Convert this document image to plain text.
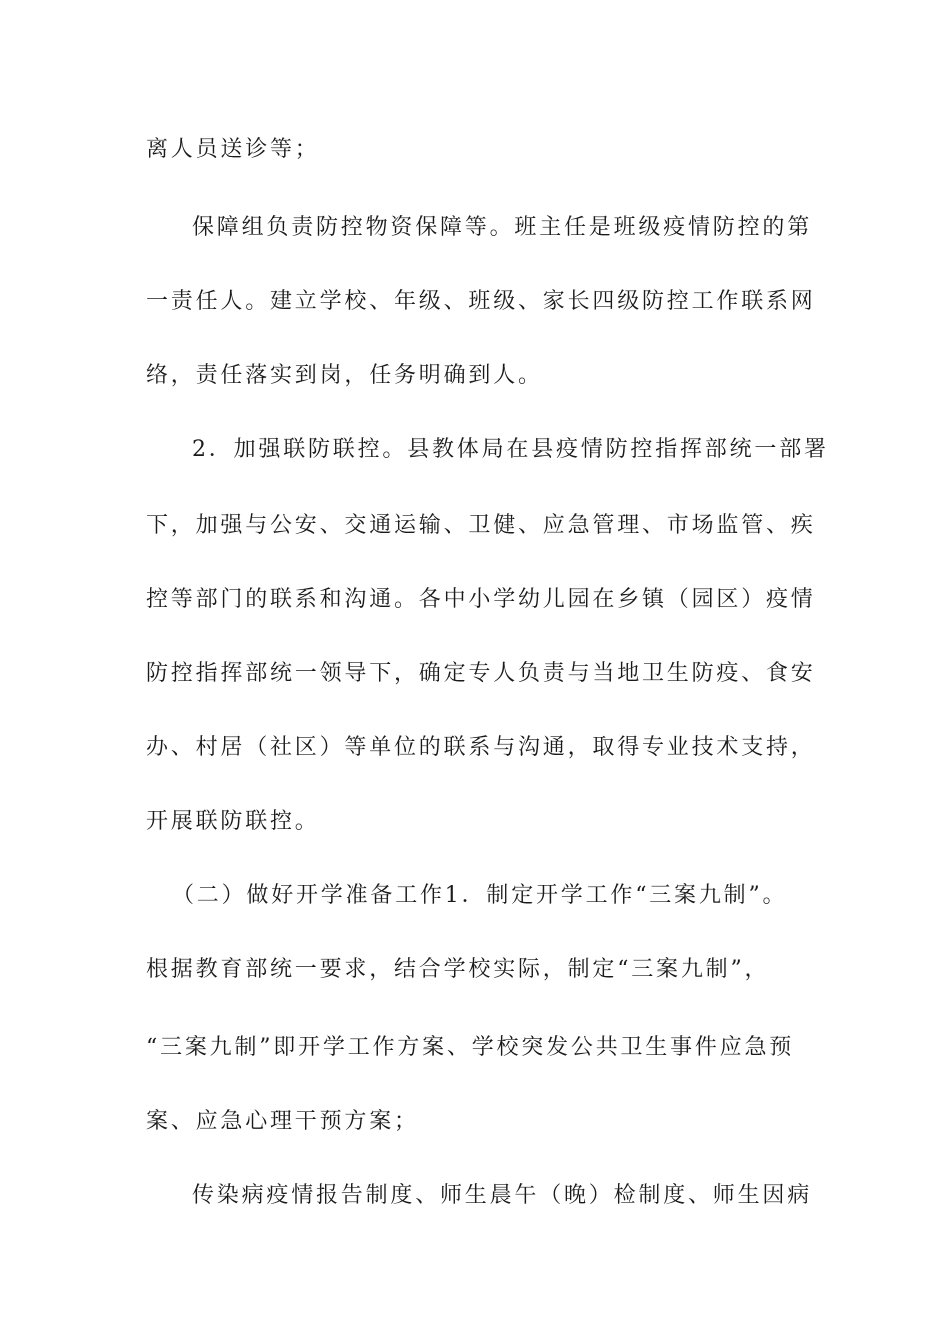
离人员送诊等；
保障组负责防控物资保障等。班主任是班级疫情防控的第
一责任人。建立学校、年级、班级、家长四级防控工作联系网
络，责任落实到岗，任务明确到人。
2．加强联防联控。县教体局在县疫情防控指挥部统一部署
下，加强与公安、交通运输、卫健、应急管理、市场监管、疾
控等部门的联系和沟通。各中小学幼儿园在乡镇（园区）疫情
防控指挥部统一领导下，确定专人负责与当地卫生防疫、食安
办、村居（社区）等单位的联系与沟通，取得专业技术支持，
开展联防联控。
（二）做好开学准备工作1．制定开学工作“三案九制”。
根据教育部统一要求，结合学校实际，制定“三案九制”，
“三案九制”即开学工作方案、学校突发公共卫生事件应急预
案、应急心理干预方案；
传染病疫情报告制度、师生晨午（晚）检制度、师生因病
